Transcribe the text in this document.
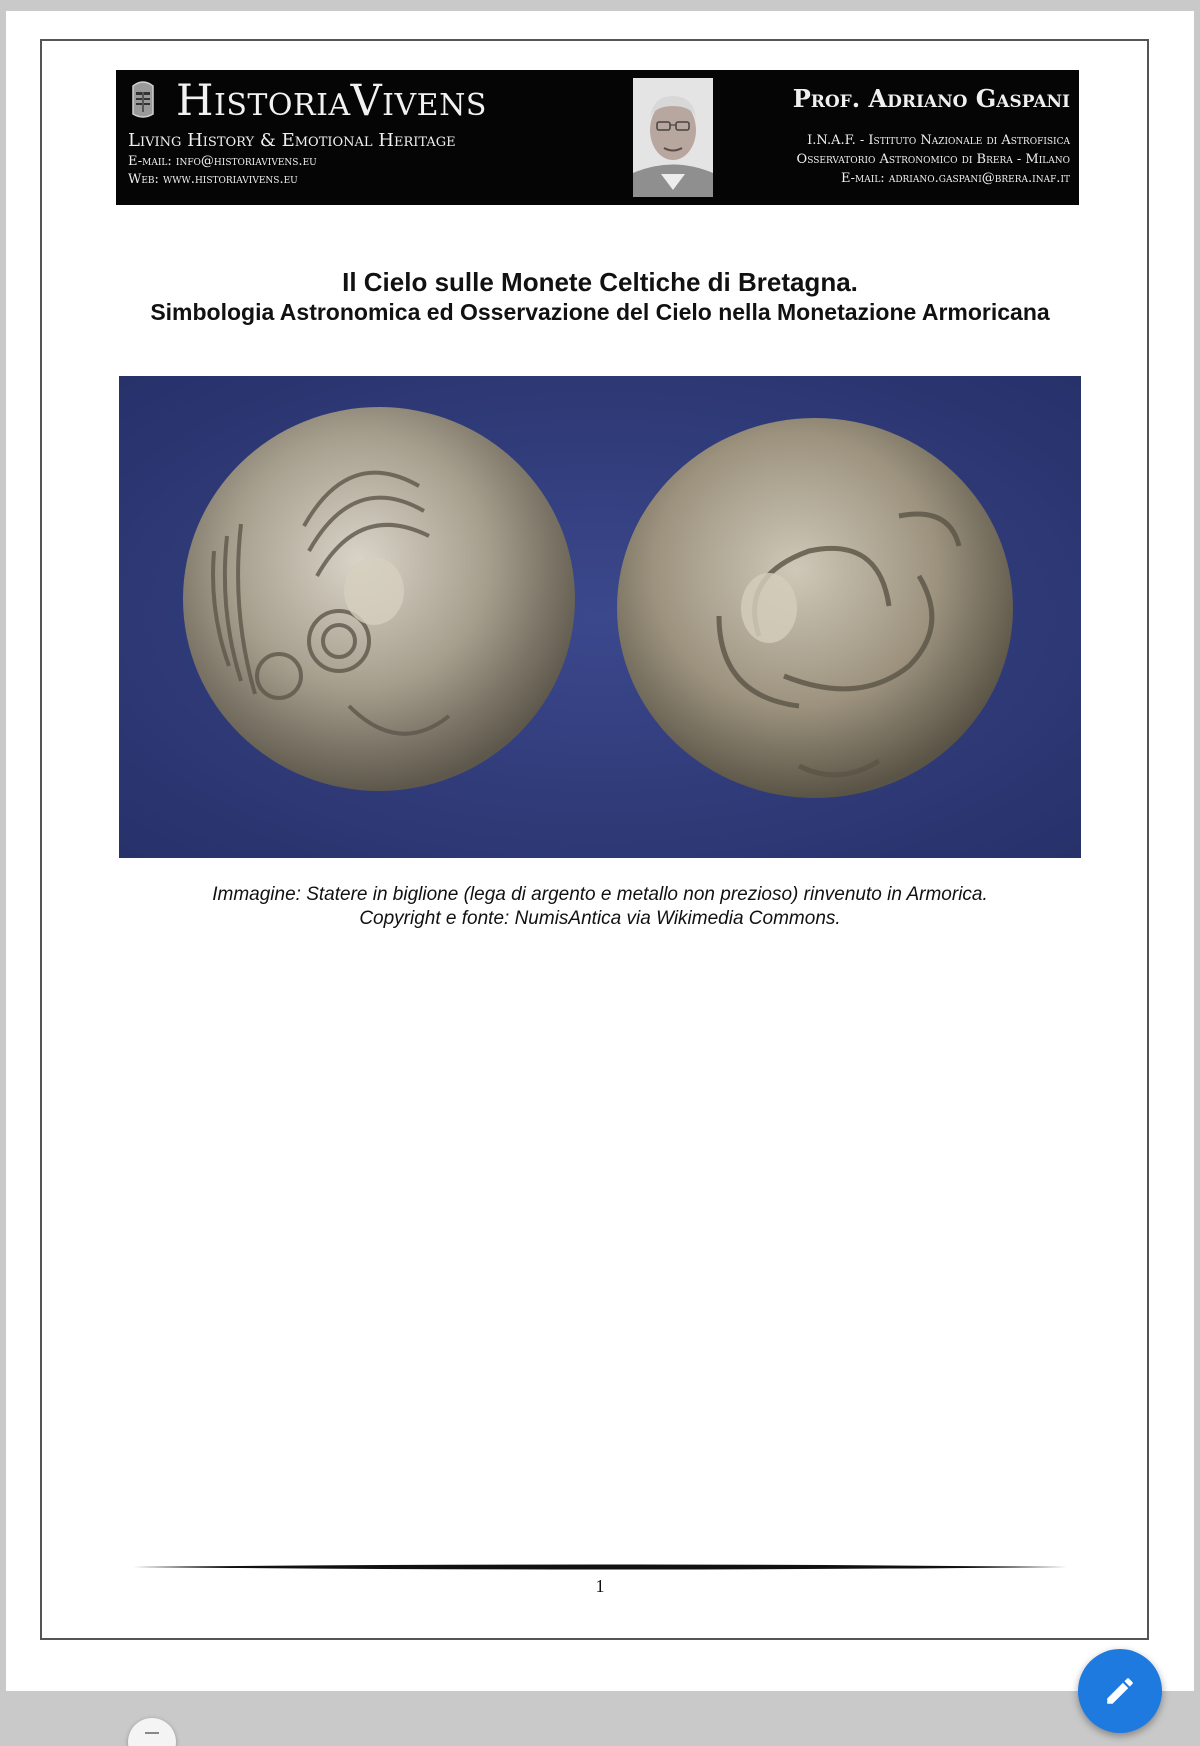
HistoriaVivens
Living History & Emotional Heritage
E-mail: info@historiavivens.eu
Web: www.historiavivens.eu
Prof. Adriano Gaspani
I.N.A.F. - Istituto Nazionale di Astrofisica
Osservatorio Astronomico di Brera - Milano
E-mail: adriano.gaspani@brera.inaf.it
Il Cielo sulle Monete Celtiche di Bretagna.
Simbologia Astronomica ed Osservazione del Cielo nella Monetazione Armoricana
Immagine: Statere in biglione (lega di argento e metallo non prezioso) rinvenuto in Armorica.
Copyright e fonte: NumisAntica via Wikimedia Commons.
1
